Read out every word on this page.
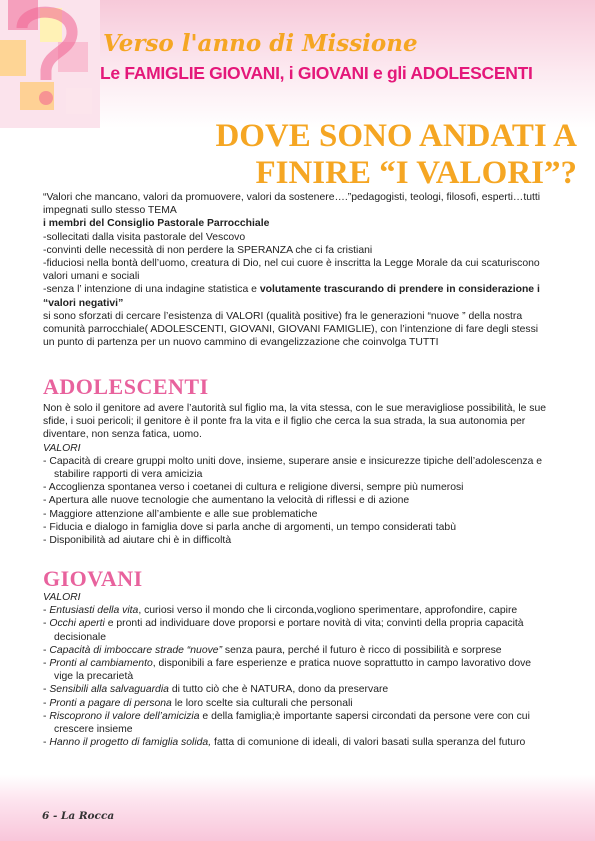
Verso l'anno di Missione
Le FAMIGLIE GIOVANI, i GIOVANI e gli ADOLESCENTI
DOVE SONO ANDATI A
FINIRE “I VALORI”?

“Valori che mancano, valori da promuovere, valori da sostenere….”pedagogisti, teologi, filosofi, esperti…tutti impegnati sullo stesso TEMA

i membri del Consiglio Pastorale Parrocchiale

-sollecitati dalla visita pastorale del Vescovo

-convinti delle necessità di non perdere la SPERANZA che ci fa cristiani

-fiduciosi nella bontà dell’uomo, creatura di Dio, nel cui cuore è inscritta la Legge Morale da cui scaturiscono valori umani e sociali

-senza l’ intenzione di una indagine statistica e volutamente trascurando di prendere in considerazione i “valori negativi”

si sono sforzati di cercare l’esistenza di VALORI (qualità positive) fra le generazioni “nuove ” della nostra comunità parrocchiale( ADOLESCENTI, GIOVANI, GIOVANI FAMIGLIE), con l’intenzione di fare degli stessi un punto di partenza per un nuovo cammino di evangelizzazione che coinvolga TUTTI

ADOLESCENTI

Non è solo il genitore ad avere l’autorità sul figlio ma, la vita stessa, con le sue meravigliose possibilità, le sue sfide, i suoi pericoli; il genitore è il ponte fra la vita e il figlio che cerca la sua strada, la sua autonomia per diventare, non senza fatica, uomo.

VALORI

- Capacità di creare gruppi molto uniti dove, insieme, superare ansie e insicurezze tipiche dell’adolescenza e stabilire rapporti di vera amicizia

- Accoglienza spontanea verso i coetanei di cultura e religione diversi, sempre più numerosi

- Apertura alle nuove tecnologie che aumentano la velocità di riflessi e di azione

- Maggiore attenzione all’ambiente e alle sue problematiche

- Fiducia e dialogo in famiglia dove si parla anche di argomenti, un tempo considerati tabù

- Disponibilità ad aiutare chi è in difficoltà

GIOVANI

VALORI

- Entusiasti della vita, curiosi verso il mondo che li circonda,vogliono sperimentare, approfondire, capire

- Occhi aperti e pronti ad individuare dove proporsi e portare novità di vita; convinti della propria capacità decisionale

- Capacità di imboccare strade “nuove” senza paura, perché il futuro è ricco di possibilità e sorprese

- Pronti al cambiamento, disponibili a fare esperienze e pratica nuove soprattutto in campo lavorativo dove vige la precarietà

- Sensibili alla salvaguardia di tutto ciò che è NATURA, dono da preservare

- Pronti a pagare di persona le loro scelte sia culturali che personali

- Riscoprono il valore dell’amicizia e della famiglia;è importante sapersi circondati da persone vere con cui crescere insieme

- Hanno il progetto di famiglia solida, fatta di comunione di ideali, di valori basati sulla speranza del futuro

6 - La Rocca
